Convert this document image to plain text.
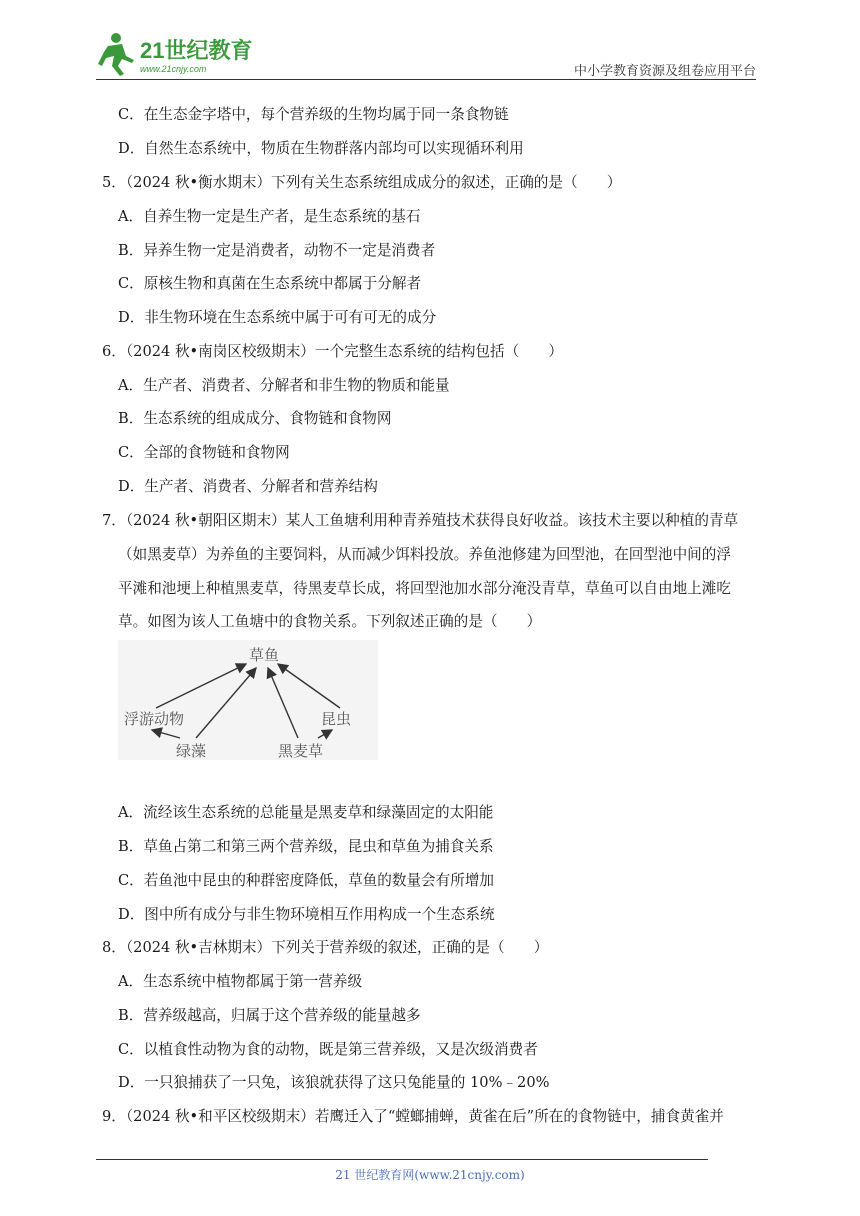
21世纪教育
www.21cnjy.com	中小学教育资源及组卷应用平台
C．在生态金字塔中，每个营养级的生物均属于同一条食物链
D．自然生态系统中，物质在生物群落内部均可以实现循环利用
5．（2024 秋•衡水期末）下列有关生态系统组成成分的叙述，正确的是（　　）
A．自养生物一定是生产者，是生态系统的基石
B．异养生物一定是消费者，动物不一定是消费者
C．原核生物和真菌在生态系统中都属于分解者
D．非生物环境在生态系统中属于可有可无的成分
6．（2024 秋•南岗区校级期末）一个完整生态系统的结构包括（　　）
A．生产者、消费者、分解者和非生物的物质和能量
B．生态系统的组成成分、食物链和食物网
C．全部的食物链和食物网
D．生产者、消费者、分解者和营养结构
7．（2024 秋•朝阳区期末）某人工鱼塘利用种青养殖技术获得良好收益。该技术主要以种植的青草
（如黑麦草）为养鱼的主要饲料，从而减少饵料投放。养鱼池修建为回型池，在回型池中间的浮
平滩和池埂上种植黑麦草，待黑麦草长成，将回型池加水部分淹没青草，草鱼可以自由地上滩吃
草。如图为该人工鱼塘中的食物关系。下列叙述正确的是（　　）
草鱼
浮游动物	昆虫
绿藻	黑麦草
A．流经该生态系统的总能量是黑麦草和绿藻固定的太阳能
B．草鱼占第二和第三两个营养级，昆虫和草鱼为捕食关系
C．若鱼池中昆虫的种群密度降低，草鱼的数量会有所增加
D．图中所有成分与非生物环境相互作用构成一个生态系统
8．（2024 秋•吉林期末）下列关于营养级的叙述，正确的是（　　）
A．生态系统中植物都属于第一营养级
B．营养级越高，归属于这个营养级的能量越多
C．以植食性动物为食的动物，既是第三营养级，又是次级消费者
D．一只狼捕获了一只兔，该狼就获得了这只兔能量的 10%﹣20%
9．（2024 秋•和平区校级期末）若鹰迁入了“螳螂捕蝉，黄雀在后”所在的食物链中，捕食黄雀并
21 世纪教育网(www.21cnjy.com)
